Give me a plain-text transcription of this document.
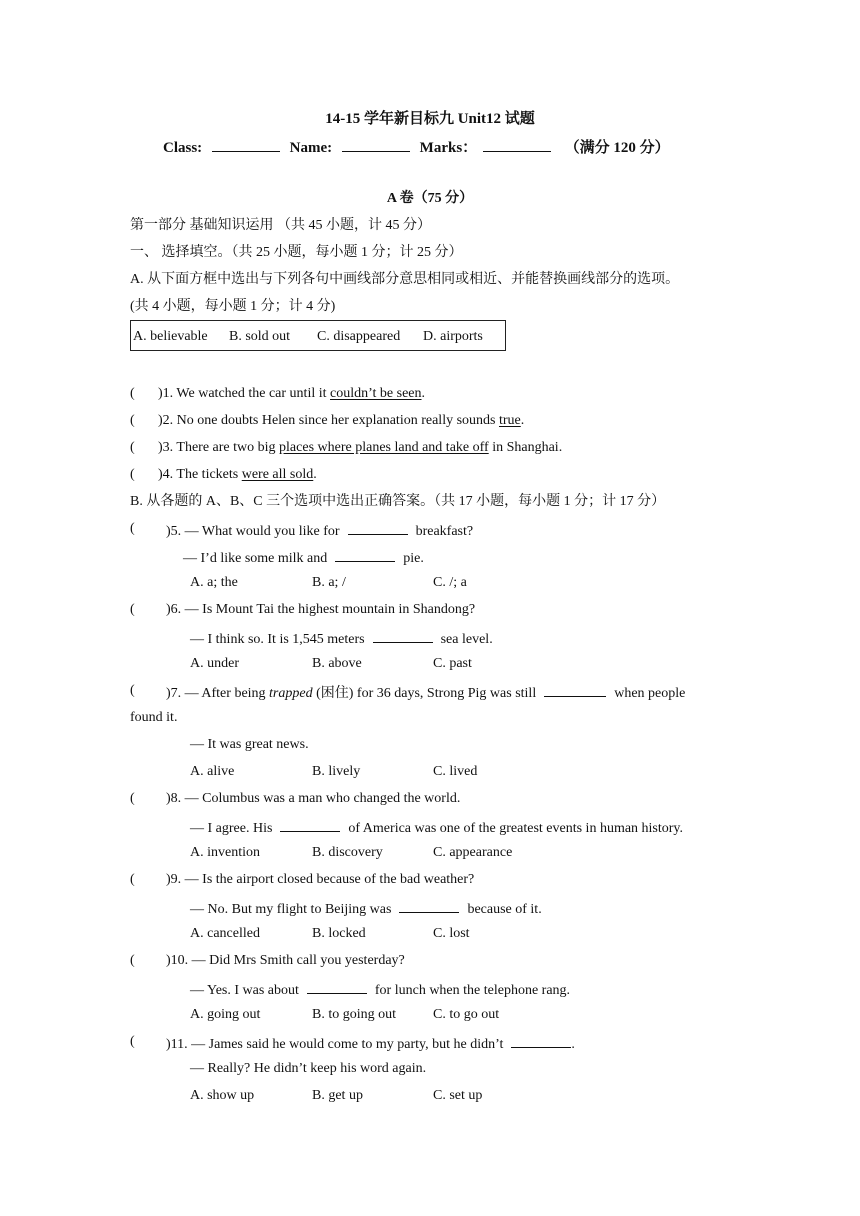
14-15 学年新目标九 Unit12 试题
Class:	Name:	Marks：	（满分 120 分）
A 卷（75 分）
第一部分 基础知识运用 （共 45 小题，计 45 分）
一、 选择填空。（共 25 小题，每小题 1 分；计 25 分）
A. 从下面方框中选出与下列各句中画线部分意思相同或相近、并能替换画线部分的选项。
(共 4 小题，每小题 1 分；计 4 分)
A. believable B. sold out C. disappeared D. airports
( )1. We watched the car until it couldn’t be seen.
( )2. No one doubts Helen since her explanation really sounds true.
( )3. There are two big places where planes land and take off in Shanghai.
( )4. The tickets were all sold.
B. 从各题的 A、B、C 三个选项中选出正确答案。（共 17 小题，每小题 1 分；计 17 分）
( )5. — What would you like for	breakfast?
— I’d like some milk and	pie.
A. a; the	B. a; /	C. /; a
( )6. — Is Mount Tai the highest mountain in Shandong?
— I think so. It is 1,545 meters	sea level.
A. under	B. above	C. past
( )7. — After being trapped (困住) for 36 days, Strong Pig was still	when people
found it.
— It was great news.
A. alive	B. lively	C. lived
( )8. — Columbus was a man who changed the world.
— I agree. His	of America was one of the greatest events in human history.
A. invention	B. discovery	C. appearance
( )9. — Is the airport closed because of the bad weather?
— No. But my flight to Beijing was	because of it.
A. cancelled	B. locked	C. lost
( )10. — Did Mrs Smith call you yesterday?
— Yes. I was about	for lunch when the telephone rang.
A. going out	B. to going out	C. to go out
( )11. — James said he would come to my party, but he didn’t	.
— Really? He didn’t keep his word again.
A. show up	B. get up	C. set up
